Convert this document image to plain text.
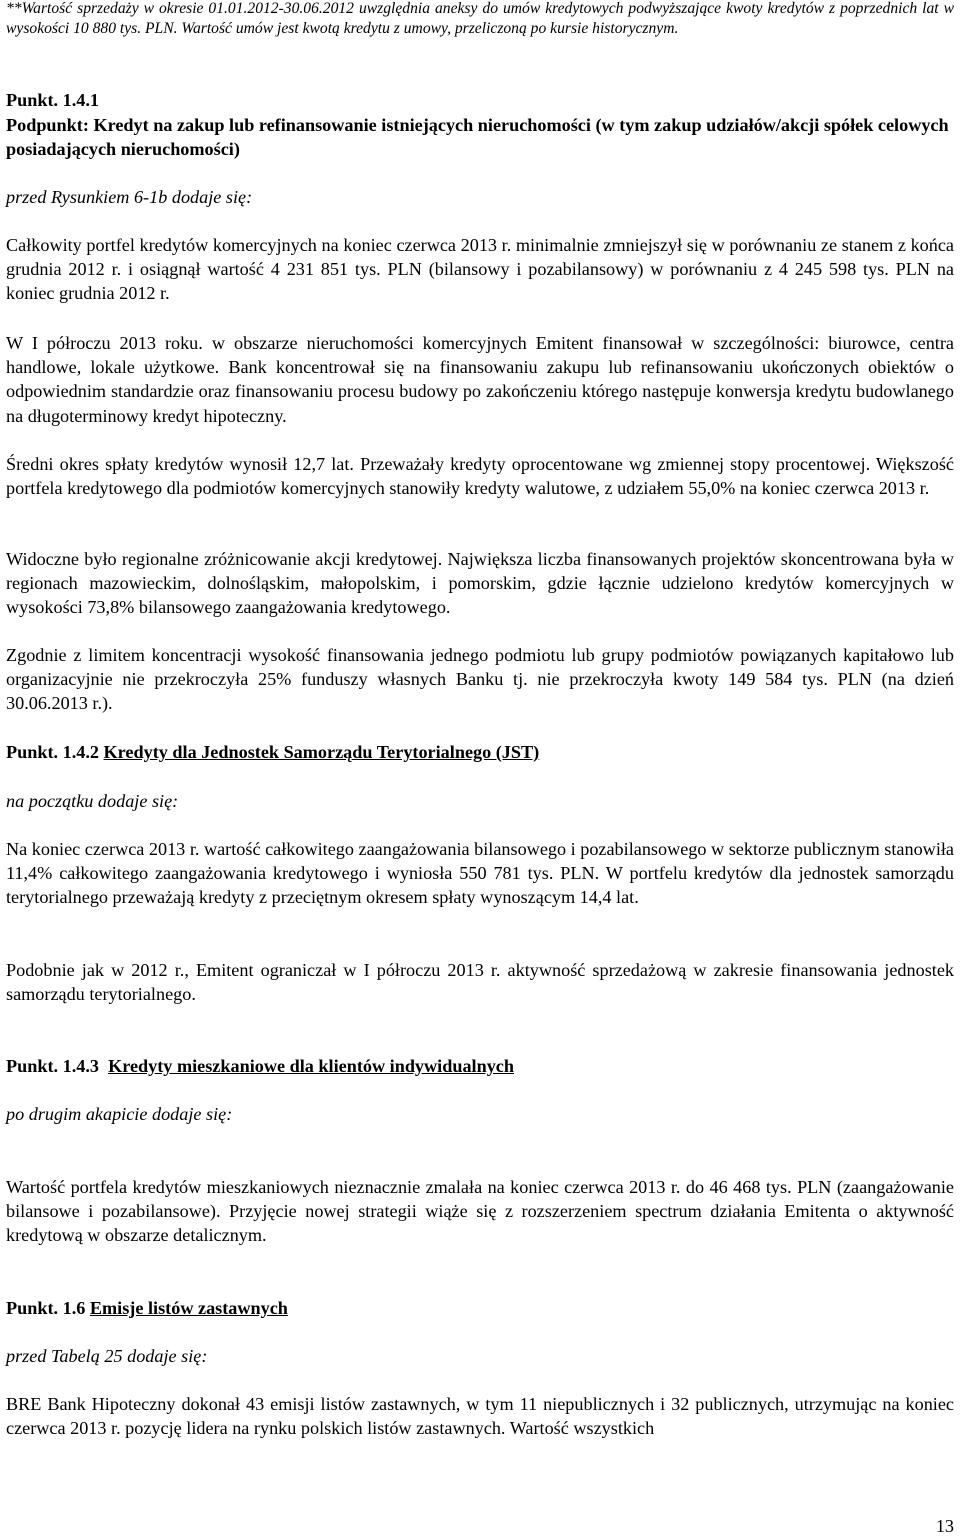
**Wartość sprzedaży w okresie 01.01.2012-30.06.2012 uwzględnia aneksy do umów kredytowych podwyższające kwoty kredytów z poprzednich lat w wysokości 10 880 tys. PLN. Wartość umów jest kwotą kredytu z umowy, przeliczoną po kursie historycznym.

Punkt. 1.4.1

Podpunkt: Kredyt na zakup lub refinansowanie istniejących nieruchomości (w tym zakup udziałów/akcji spółek celowych posiadających nieruchomości)

przed Rysunkiem 6-1b dodaje się:

Całkowity portfel kredytów komercyjnych na koniec czerwca 2013 r. minimalnie zmniejszył się w porównaniu ze stanem z końca grudnia 2012 r. i osiągnął wartość 4 231 851 tys. PLN (bilansowy i pozabilansowy) w porównaniu z 4 245 598 tys. PLN na koniec grudnia 2012 r.

W I półroczu 2013 roku. w obszarze nieruchomości komercyjnych Emitent finansował w szczególności: biurowce, centra handlowe, lokale użytkowe. Bank koncentrował się na finansowaniu zakupu lub refinansowaniu ukończonych obiektów o odpowiednim standardzie oraz finansowaniu procesu budowy po zakończeniu którego następuje konwersja kredytu budowlanego na długoterminowy kredyt hipoteczny.

Średni okres spłaty kredytów wynosił 12,7 lat. Przeważały kredyty oprocentowane wg zmiennej stopy procentowej. Większość portfela kredytowego dla podmiotów komercyjnych stanowiły kredyty walutowe, z udziałem 55,0% na koniec czerwca 2013 r.

Widoczne było regionalne zróżnicowanie akcji kredytowej. Największa liczba finansowanych projektów skoncentrowana była w regionach mazowieckim, dolnośląskim, małopolskim, i pomorskim, gdzie łącznie udzielono kredytów komercyjnych w wysokości 73,8% bilansowego zaangażowania kredytowego.

Zgodnie z limitem koncentracji wysokość finansowania jednego podmiotu lub grupy podmiotów powiązanych kapitałowo lub organizacyjnie nie przekroczyła 25% funduszy własnych Banku tj. nie przekroczyła kwoty 149 584 tys. PLN (na dzień 30.06.2013 r.).

Punkt. 1.4.2 Kredyty dla Jednostek Samorządu Terytorialnego (JST)

na początku dodaje się:

Na koniec czerwca 2013 r. wartość całkowitego zaangażowania bilansowego i pozabilansowego w sektorze publicznym stanowiła 11,4% całkowitego zaangażowania kredytowego i wyniosła 550 781 tys. PLN. W portfelu kredytów dla jednostek samorządu terytorialnego przeważają kredyty z przeciętnym okresem spłaty wynoszącym 14,4 lat.

Podobnie jak w 2012 r., Emitent ograniczał w I półroczu 2013 r. aktywność sprzedażową w zakresie finansowania jednostek samorządu terytorialnego.

Punkt. 1.4.3 Kredyty mieszkaniowe dla klientów indywidualnych

po drugim akapicie dodaje się:

Wartość portfela kredytów mieszkaniowych nieznacznie zmalała na koniec czerwca 2013 r. do 46 468 tys. PLN (zaangażowanie bilansowe i pozabilansowe). Przyjęcie nowej strategii wiąże się z rozszerzeniem spectrum działania Emitenta o aktywność kredytową w obszarze detalicznym.

Punkt. 1.6 Emisje listów zastawnych

przed Tabelą 25 dodaje się:

BRE Bank Hipoteczny dokonał 43 emisji listów zastawnych, w tym 11 niepublicznych i 32 publicznych, utrzymując na koniec czerwca 2013 r. pozycję lidera na rynku polskich listów zastawnych. Wartość wszystkich

13
